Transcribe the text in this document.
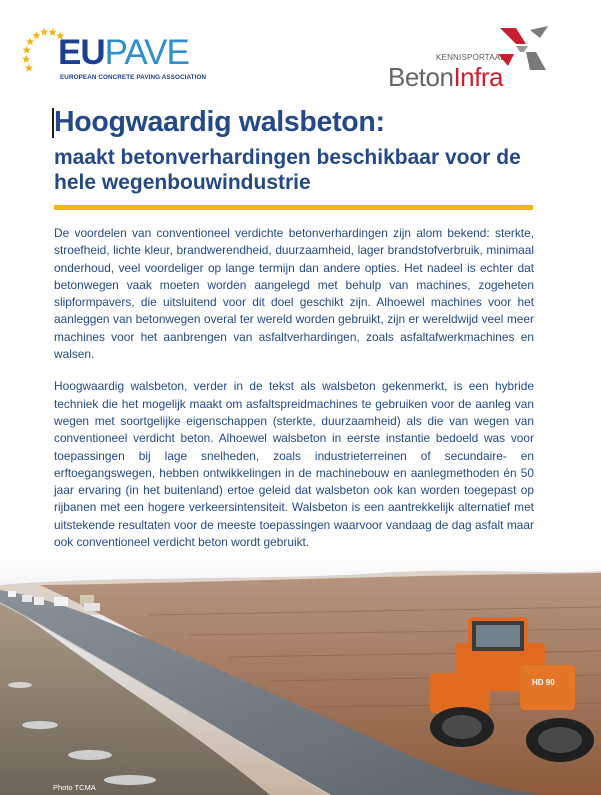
EUPAVE
EUROPEAN CONCRETE PAVING ASSOCIATION
KENNISPORTAAL
BetonInfra
Hoogwaardig walsbeton:
maakt betonverhardingen beschikbaar voor de hele wegenbouwindustrie

De voordelen van conventioneel verdichte betonverhardingen zijn alom bekend: sterkte, stroefheid, lichte kleur, brandwerendheid, duurzaamheid, lager brandstofverbruik, minimaal onderhoud, veel voordeliger op lange termijn dan andere opties. Het nadeel is echter dat betonwegen vaak moeten worden aangelegd met behulp van machines, zogeheten slipformpavers, die uitsluitend voor dit doel geschikt zijn. Alhoewel machines voor het aanleggen van betonwegen overal ter wereld worden gebruikt, zijn er wereldwijd veel meer machines voor het aanbrengen van asfaltverhardingen, zoals asfaltafwerkmachines en walsen.

Hoogwaardig walsbeton, verder in de tekst als walsbeton gekenmerkt, is een hybride techniek die het mogelijk maakt om asfaltspreidmachines te gebruiken voor de aanleg van wegen met soortgelijke eigenschappen (sterkte, duurzaamheid) als die van wegen van conventioneel verdicht beton. Alhoewel walsbeton in eerste instantie bedoeld was voor toepassingen bij lage snelheden, zoals industrieterreinen of secundaire- en erftoegangswegen, hebben ontwikkelingen in de machinebouw en aanlegmethoden én 50 jaar ervaring (in het buitenland) ertoe geleid dat walsbeton ook kan worden toegepast op rijbanen met een hogere verkeersintensiteit. Walsbeton is een aantrekkelijk alternatief met uitstekende resultaten voor de meeste toepassingen waarvoor vandaag de dag asfalt maar ook conventioneel verdicht beton wordt gebruikt.

HD 90
Photo TCMA
